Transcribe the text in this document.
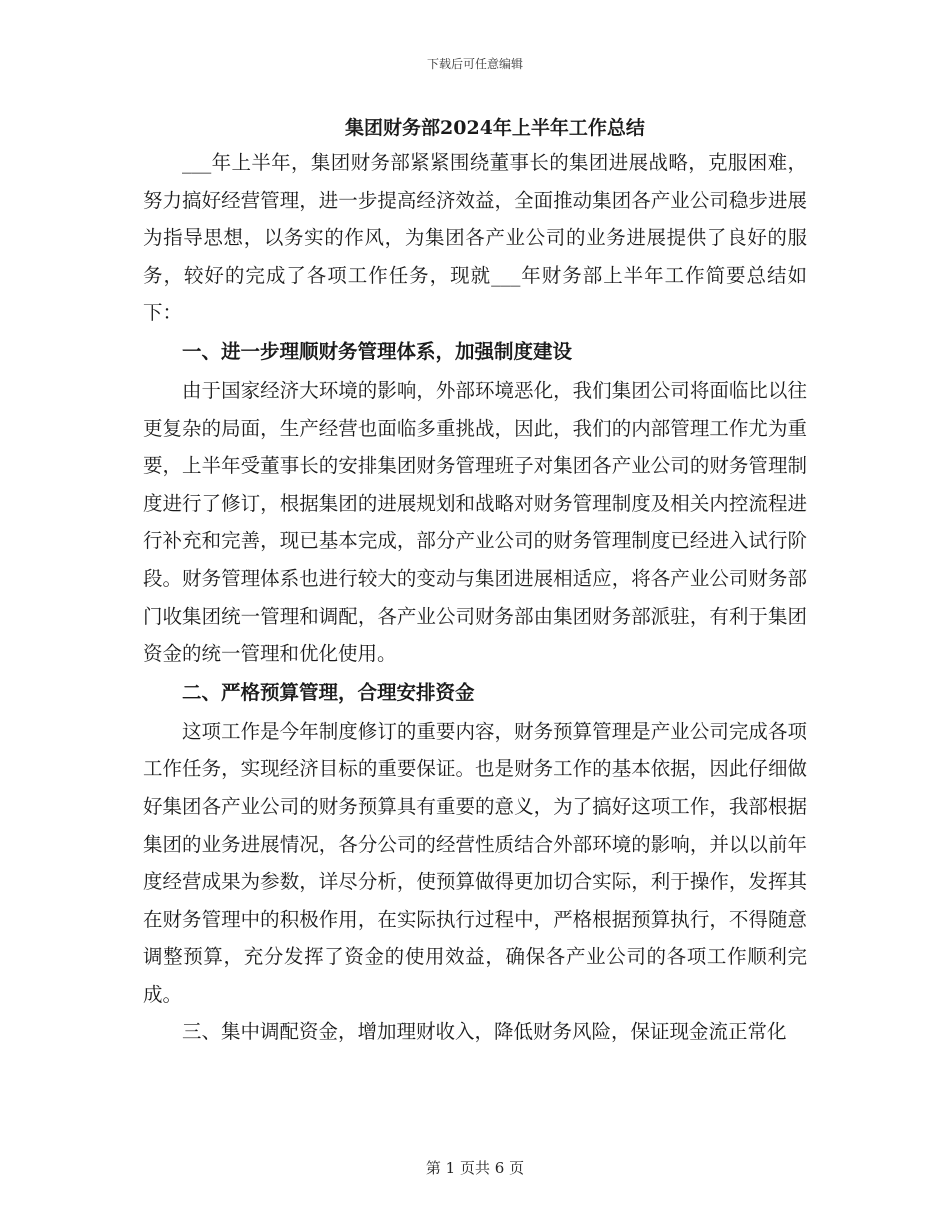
下载后可任意编辑
集团财务部2024年上半年工作总结

___年上半年，集团财务部紧紧围绕董事长的集团进展战略，克服困难，努力搞好经营管理，进一步提高经济效益，全面推动集团各产业公司稳步进展为指导思想，以务实的作风，为集团各产业公司的业务进展提供了良好的服务，较好的完成了各项工作任务，现就___年财务部上半年工作简要总结如下：

一、进一步理顺财务管理体系，加强制度建设

由于国家经济大环境的影响，外部环境恶化，我们集团公司将面临比以往更复杂的局面，生产经营也面临多重挑战，因此，我们的内部管理工作尤为重要，上半年受董事长的安排集团财务管理班子对集团各产业公司的财务管理制度进行了修订，根据集团的进展规划和战略对财务管理制度及相关内控流程进行补充和完善，现已基本完成，部分产业公司的财务管理制度已经进入试行阶段。财务管理体系也进行较大的变动与集团进展相适应，将各产业公司财务部门收集团统一管理和调配，各产业公司财务部由集团财务部派驻，有利于集团资金的统一管理和优化使用。

二、严格预算管理，合理安排资金

这项工作是今年制度修订的重要内容，财务预算管理是产业公司完成各项工作任务，实现经济目标的重要保证。也是财务工作的基本依据，因此仔细做好集团各产业公司的财务预算具有重要的意义，为了搞好这项工作，我部根据集团的业务进展情况，各分公司的经营性质结合外部环境的影响，并以以前年度经营成果为参数，详尽分析，使预算做得更加切合实际，利于操作，发挥其在财务管理中的积极作用，在实际执行过程中，严格根据预算执行，不得随意调整预算，充分发挥了资金的使用效益，确保各产业公司的各项工作顺利完成。

三、集中调配资金，增加理财收入，降低财务风险，保证现金流正常化

第 1 页共 6 页
